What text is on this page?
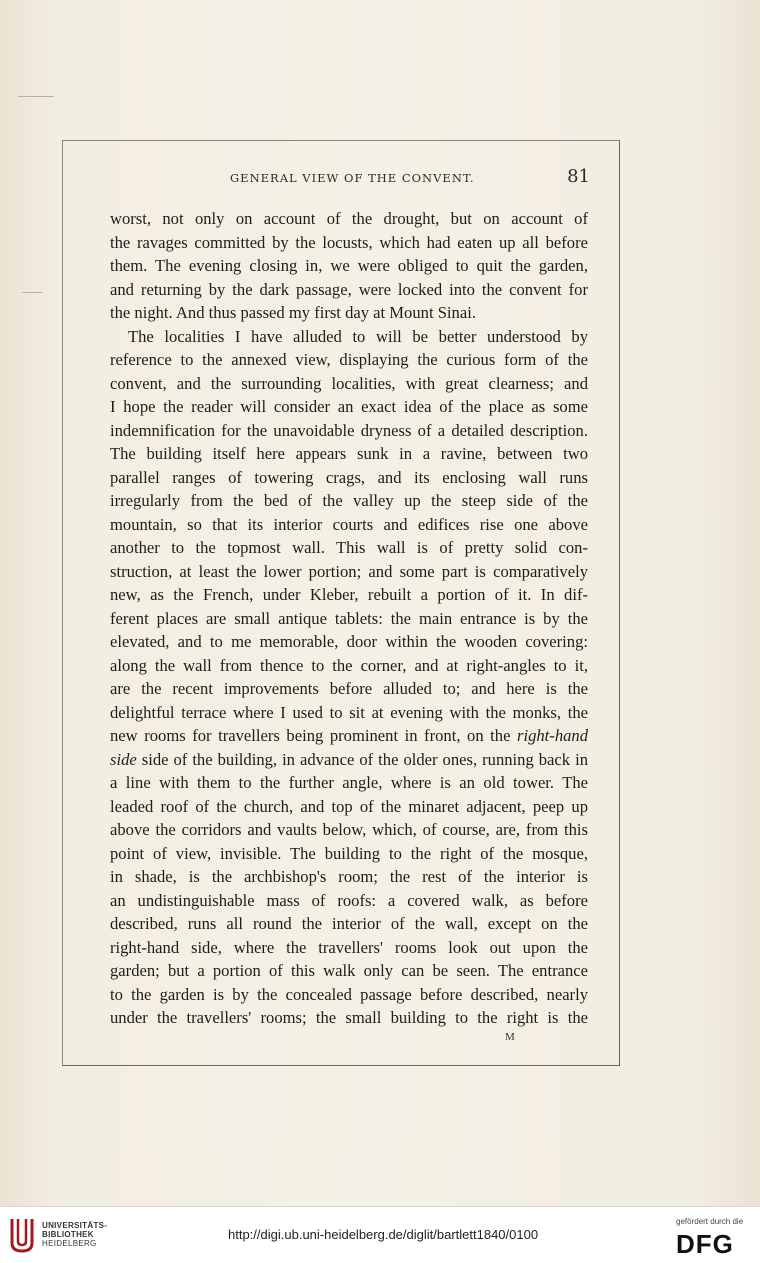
GENERAL VIEW OF THE CONVENT.	81
worst, not only on account of the drought, but on account of
the ravages committed by the locusts, which had eaten up all before
them. The evening closing in, we were obliged to quit the garden,
and returning by the dark passage, were locked into the convent for
the night. And thus passed my first day at Mount Sinai.
The localities I have alluded to will be better understood by
reference to the annexed view, displaying the curious form of the
convent, and the surrounding localities, with great clearness; and
I hope the reader will consider an exact idea of the place as some
indemnification for the unavoidable dryness of a detailed description.
The building itself here appears sunk in a ravine, between two
parallel ranges of towering crags, and its enclosing wall runs
irregularly from the bed of the valley up the steep side of the
mountain, so that its interior courts and edifices rise one above
another to the topmost wall. This wall is of pretty solid con-
struction, at least the lower portion; and some part is comparatively
new, as the French, under Kleber, rebuilt a portion of it. In dif-
ferent places are small antique tablets: the main entrance is by the
elevated, and to me memorable, door within the wooden covering:
along the wall from thence to the corner, and at right-angles to it,
are the recent improvements before alluded to; and here is the
delightful terrace where I used to sit at evening with the monks, the
new rooms for travellers being prominent in front, on the right-hand
side side of the building, in advance of the older ones, running back in
a line with them to the further angle, where is an old tower. The
leaded roof of the church, and top of the minaret adjacent, peep up
above the corridors and vaults below, which, of course, are, from this
point of view, invisible. The building to the right of the mosque,
in shade, is the archbishop's room; the rest of the interior is
an undistinguishable mass of roofs: a covered walk, as before
described, runs all round the interior of the wall, except on the
right-hand side, where the travellers' rooms look out upon the
garden; but a portion of this walk only can be seen. The entrance
to the garden is by the concealed passage before described, nearly
under the travellers' rooms; the small building to the right is the
M
UNIVERSITÄTS-
BIBLIOTHEK
HEIDELBERG
http://digi.ub.uni-heidelberg.de/diglit/bartlett1840/0100
gefördert durch die
DFG
